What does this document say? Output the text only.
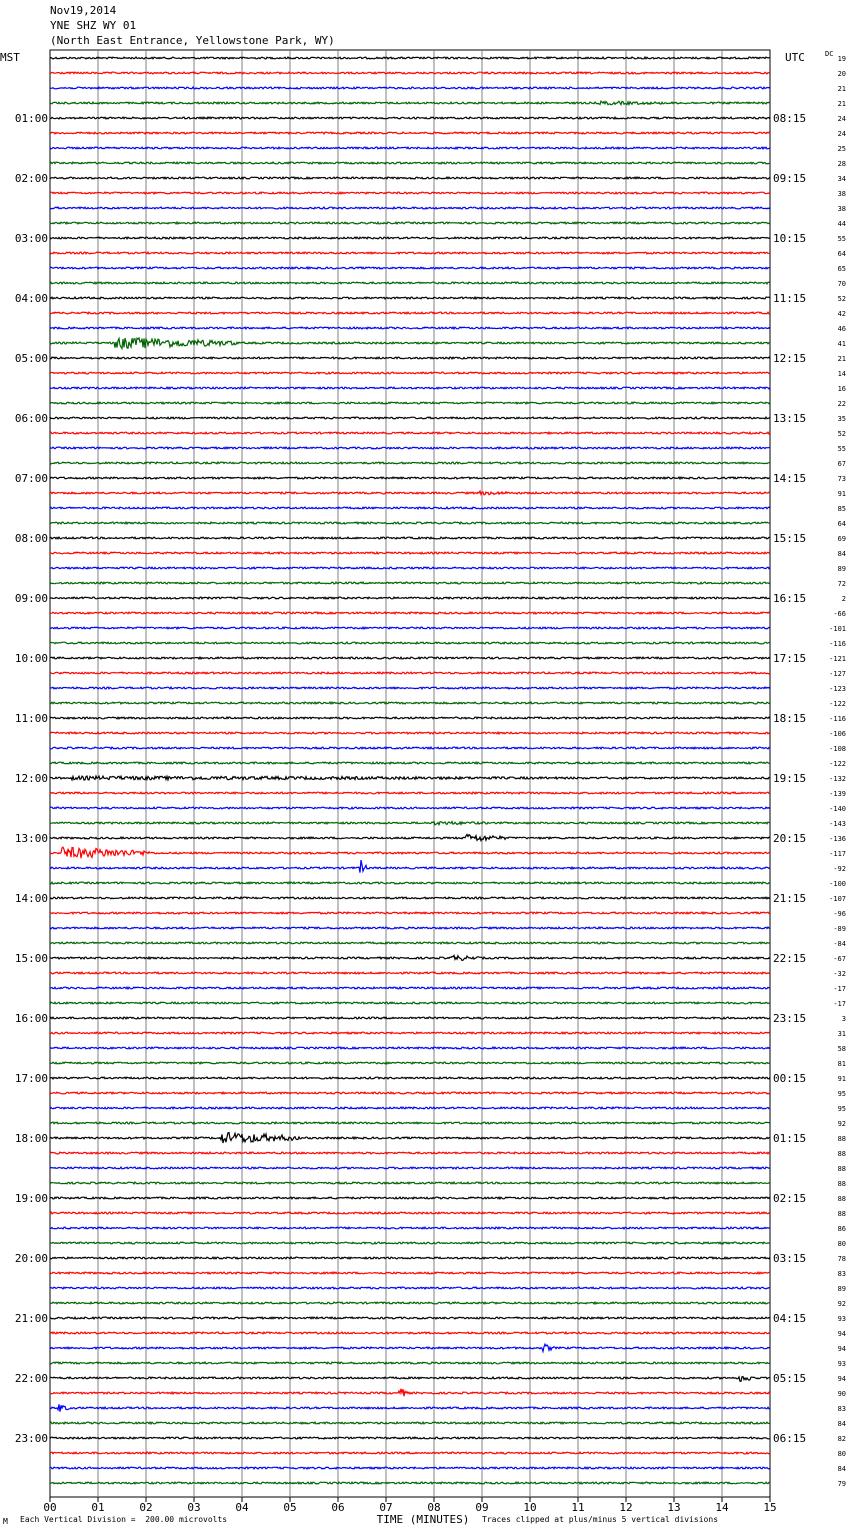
Nov19,2014
YNE SHZ WY 01
(North East Entrance, Yellowstone Park, WY)
00	01	02	03	04	05	06	07	08	09	10	11	12	13	14	15
19
20
21
21
24
24
25
28
34
38
38
44
55
64
65
70
52
42
46
41
21
14
16
22
35
52
55
67
73
91
85
64
69
84
89
72
2
-66
-101
-116
-121
-127
-123
-122
-116
-106
-108
-122
-132
-139
-140
-143
-136
-117
-92
-100
-107
-96
-89
-84
-67
-32
-17
-17
3
31
58
81
91
95
95
92
88
88
88
88
88
88
86
80
78
83
89
92
93
94
94
93
94
90
83
84
82
80
84
79
01:00	08:15
02:00	09:15
03:00	10:15
04:00	11:15
05:00	12:15
06:00	13:15
07:00	14:15
08:00	15:15
09:00	16:15
10:00	17:15
11:00	18:15
12:00	19:15
13:00	20:15
14:00	21:15
15:00	22:15
16:00	23:15
17:00	00:15
18:00	01:15
19:00	02:15
20:00	03:15
21:00	04:15
22:00	05:15
23:00	06:15
MST	UTC	DC
TIME (MINUTES)
M Each Vertical Division =  200.00 microvolts	Traces clipped at plus/minus 5 vertical divisions
